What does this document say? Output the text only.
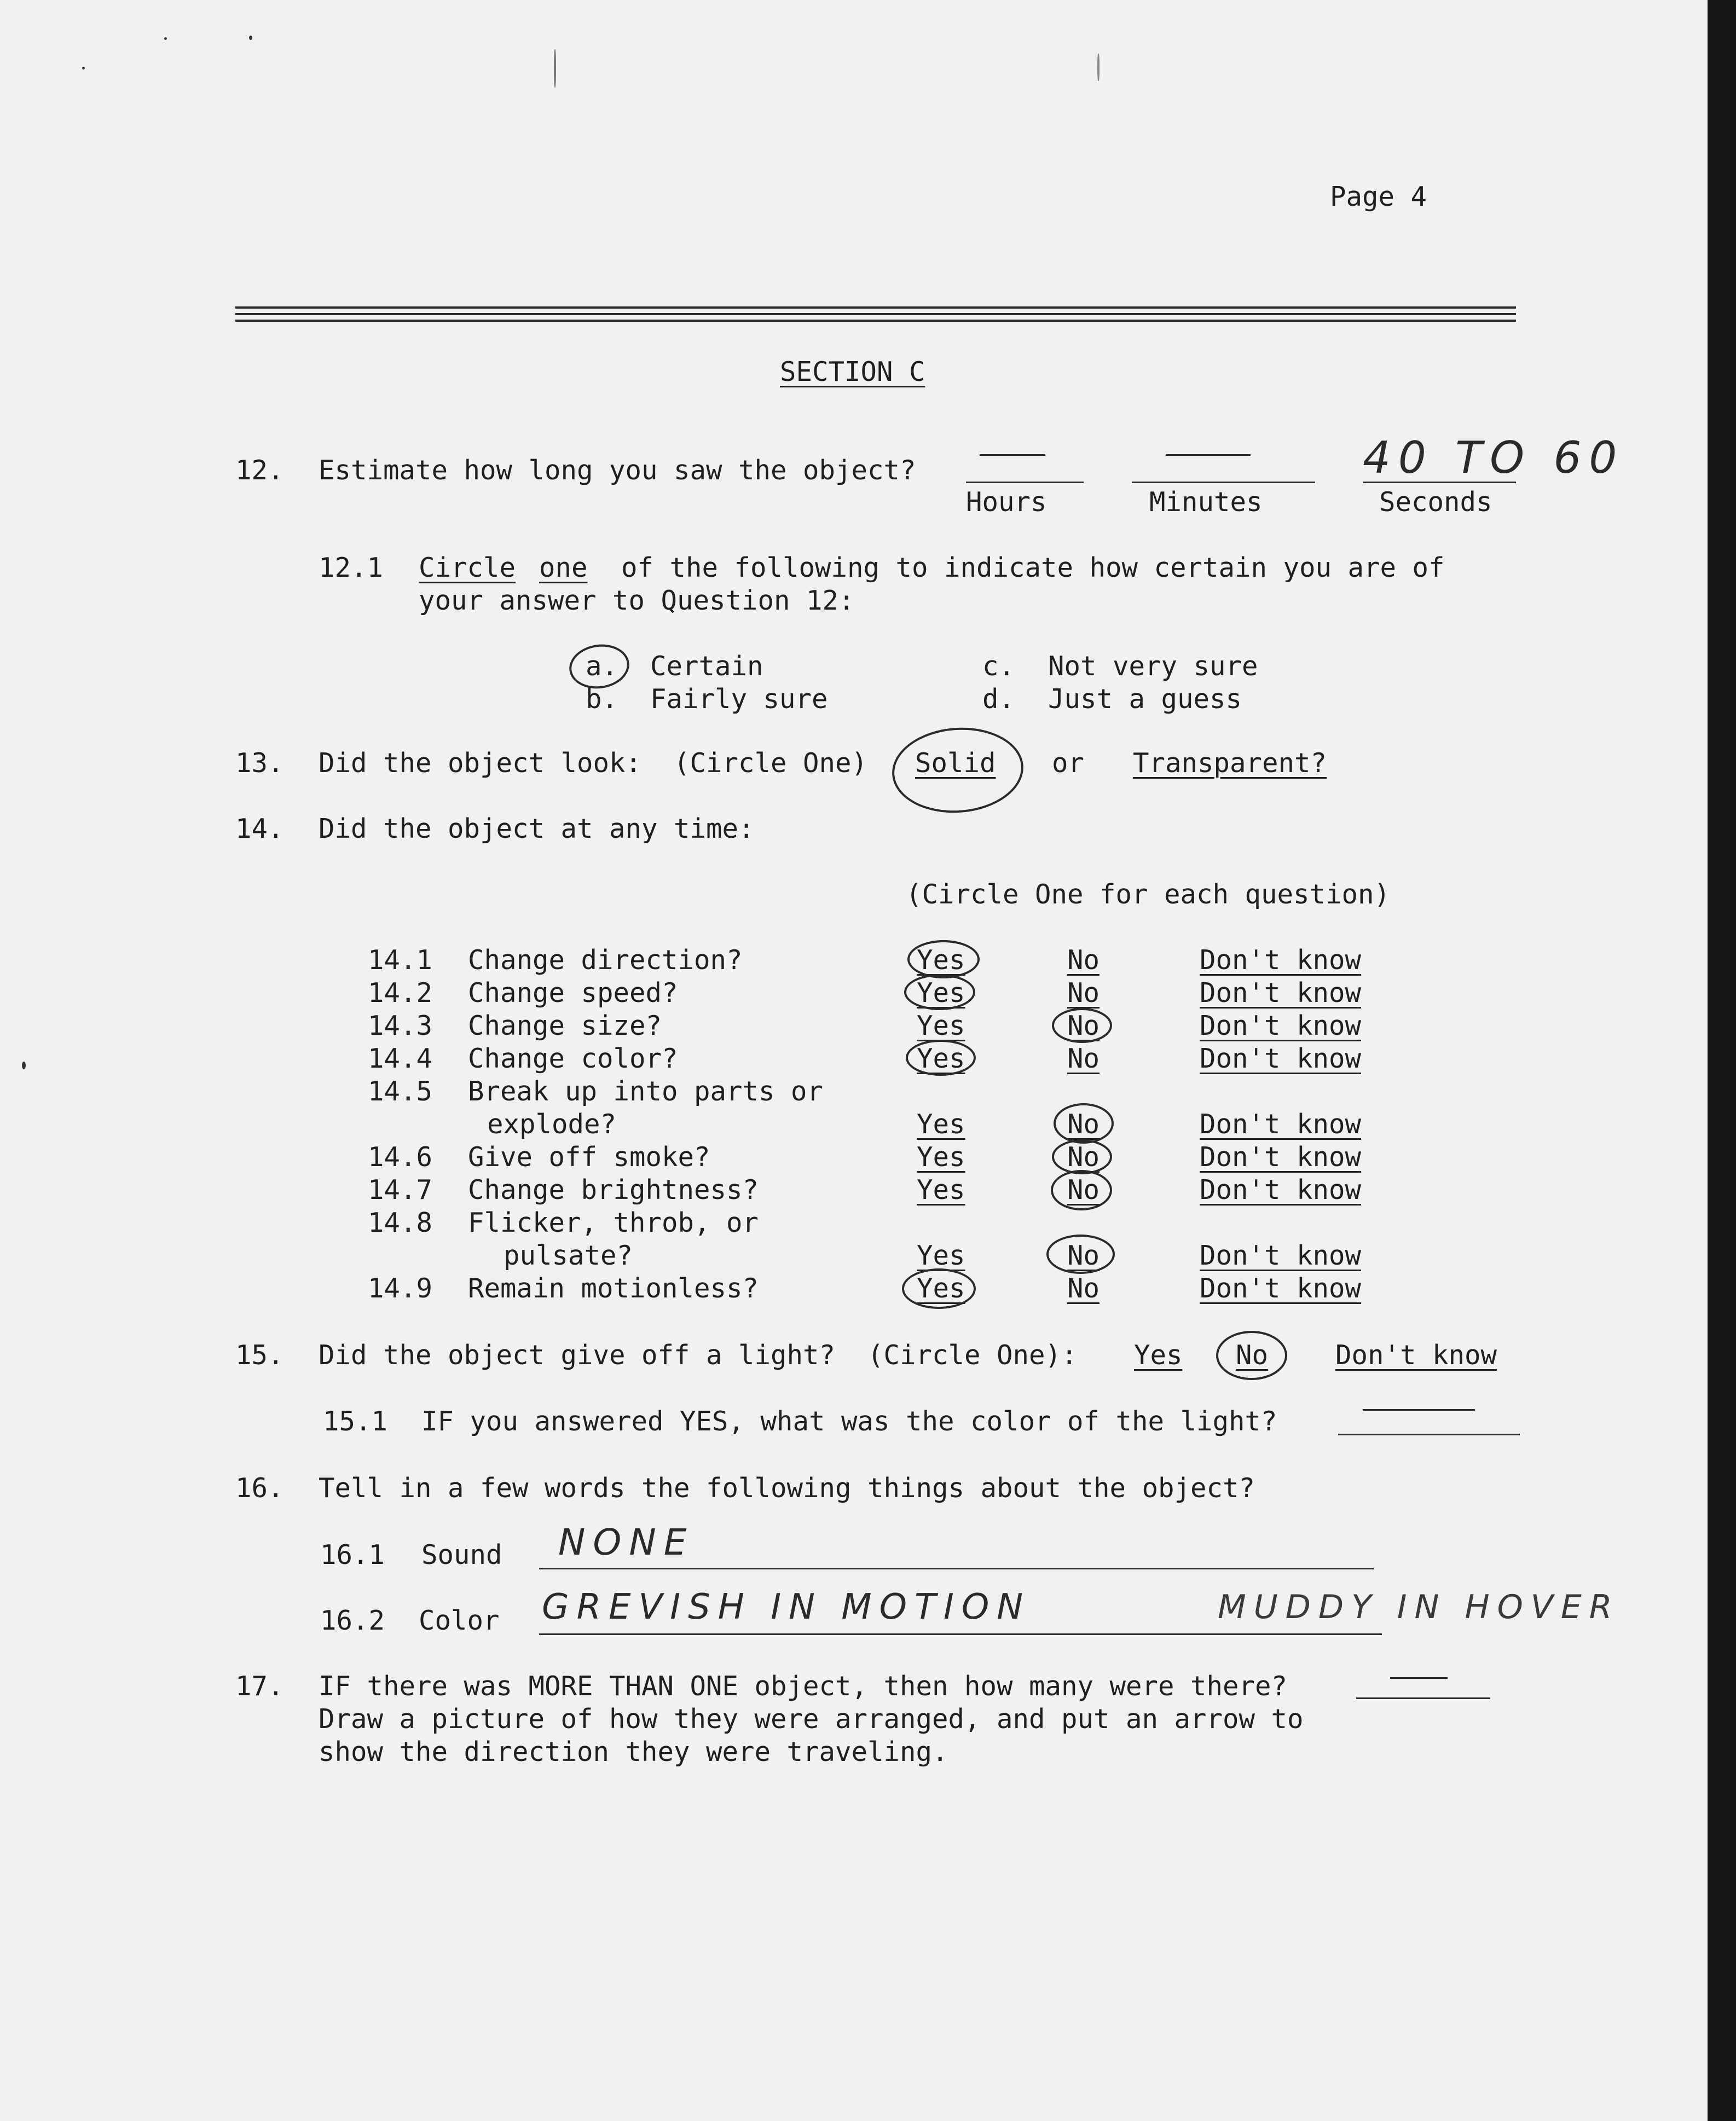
Page 4
SECTION C
12. Estimate how long you saw the object?	40 TO 60
Hours	Minutes	Seconds
12.1 Circle one of the following to indicate how certain you are of
your answer to Question 12:
a. Certain
b. Fairly sure
c. Not very sure
d. Just a guess
13. Did the object look:  (Circle One) Solid or Transparent?
14. Did the object at any time:
(Circle One for each question)
14.1 Change direction?	Yes	No	Don't know
14.2 Change speed?	Yes	No	Don't know
14.3 Change size?	Yes	No	Don't know
14.4 Change color?	Yes	No	Don't know
14.5 Break up into parts or
explode?	Yes	No	Don't know
14.6 Give off smoke?	Yes	No	Don't know
14.7 Change brightness?	Yes	No	Don't know
14.8 Flicker, throb, or
pulsate?	Yes	No	Don't know
14.9 Remain motionless?	Yes	No	Don't know
15. Did the object give off a light?  (Circle One): Yes No	Don't know
15.1 IF you answered YES, what was the color of the light?
16. Tell in a few words the following things about the object?
16.1 Sound NONE
16.2 Color GREVISH IN MOTION	MUDDY IN HOVER
17. IF there was MORE THAN ONE object, then how many were there?
Draw a picture of how they were arranged, and put an arrow to
show the direction they were traveling.
